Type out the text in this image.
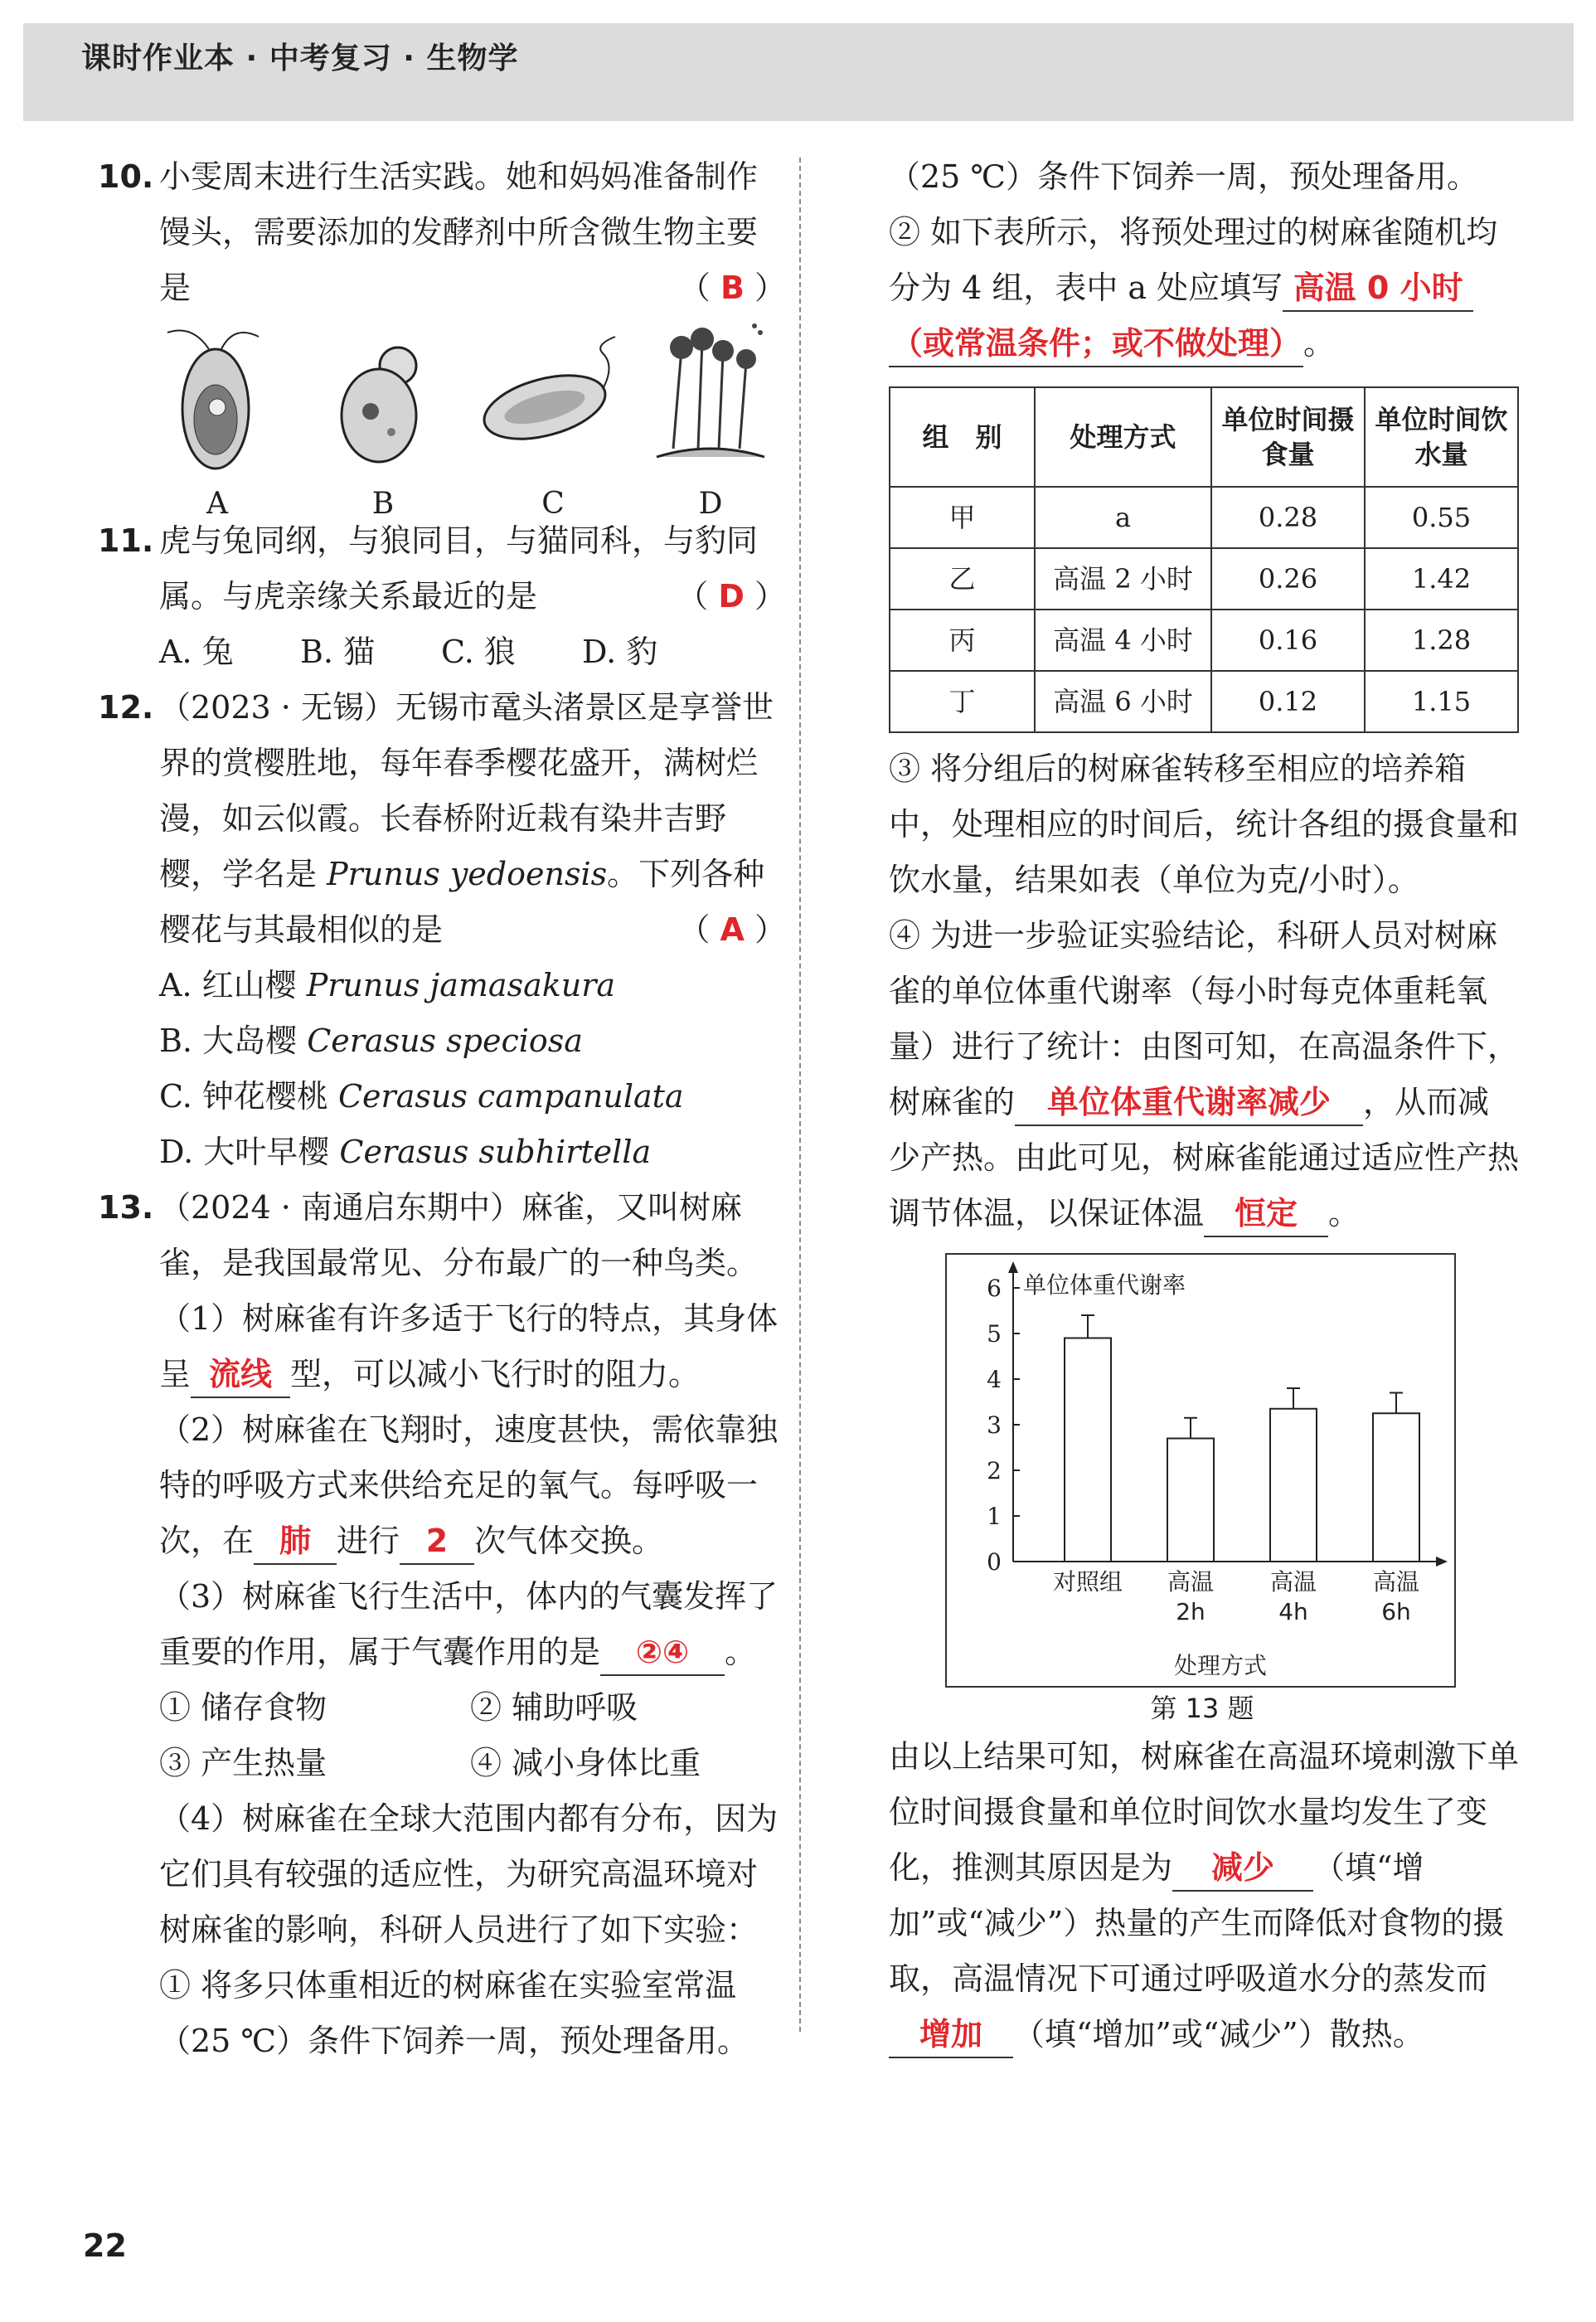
课时作业本 · 中考复习 · 生物学
10. 小雯周末进行生活实践。她和妈妈准备制作馒头，需要添加的发酵剂中所含微生物主要是	（ B ）
A	B	C	D
11. 虎与兔同纲，与狼同目，与猫同科，与豹同属。与虎亲缘关系最近的是	（ D ）
A. 兔 B. 猫 C. 狼 D. 豹
12. （2023 · 无锡）无锡市鼋头渚景区是享誉世界的赏樱胜地，每年春季樱花盛开，满树烂漫，如云似霞。长春桥附近栽有染井吉野樱，学名是 Prunus yedoensis。下列各种樱花与其最相似的是	（ A ）
A. 红山樱 Prunus jamasakura
B. 大岛樱 Cerasus speciosa
C. 钟花樱桃 Cerasus campanulata
D. 大叶早樱 Cerasus subhirtella
13. （2024 · 南通启东期中）麻雀，又叫树麻雀，是我国最常见、分布最广的一种鸟类。
（1）树麻雀有许多适于飞行的特点，其身体呈 流线 型，可以减小飞行时的阻力。
（2）树麻雀在飞翔时，速度甚快，需依靠独特的呼吸方式来供给充足的氧气。每呼吸一次，在 肺 进行 2 次气体交换。
（3）树麻雀飞行生活中，体内的气囊发挥了重要的作用，属于气囊作用的是 ②④ 。
① 储存食物	② 辅助呼吸
③ 产生热量	④ 减小身体比重
（4）树麻雀在全球大范围内都有分布，因为它们具有较强的适应性，为研究高温环境对树麻雀的影响，科研人员进行了如下实验：
① 将多只体重相近的树麻雀在实验室常温（25 ℃）条件下饲养一周，预处理备用。
（25 ℃）条件下饲养一周，预处理备用。
② 如下表所示，将预处理过的树麻雀随机均分为 4 组，表中 a 处应填写 高温 0 小时 （或常温条件；或不做处理）。
组　别	处理方式	单位时间摄食量	单位时间饮水量
甲	a	0.28	0.55
乙	高温 2 小时	0.26	1.42
丙	高温 4 小时	0.16	1.28
丁	高温 6 小时	0.12	1.15
③ 将分组后的树麻雀转移至相应的培养箱中，处理相应的时间后，统计各组的摄食量和饮水量，结果如表（单位为克/小时）。
④ 为进一步验证实验结论，科研人员对树麻雀的单位体重代谢率（每小时每克体重耗氧量）进行了统计：由图可知，在高温条件下，树麻雀的 单位体重代谢率减少 ，从而减少产热。由此可见，树麻雀能通过适应性产热调节体温，以保证体温 恒定 。
0
1
2
3
4
5
6 单位体重代谢率
对照组 高温
2h
高温
4h
高温
6h
处理方式
第 13 题
由以上结果可知，树麻雀在高温环境刺激下单位时间摄食量和单位时间饮水量均发生了变化，推测其原因是为 减少 （填“增加”或“减少”）热量的产生而降低对食物的摄取，高温情况下可通过呼吸道水分的蒸发而增加 （填“增加”或“减少”）散热。
22
